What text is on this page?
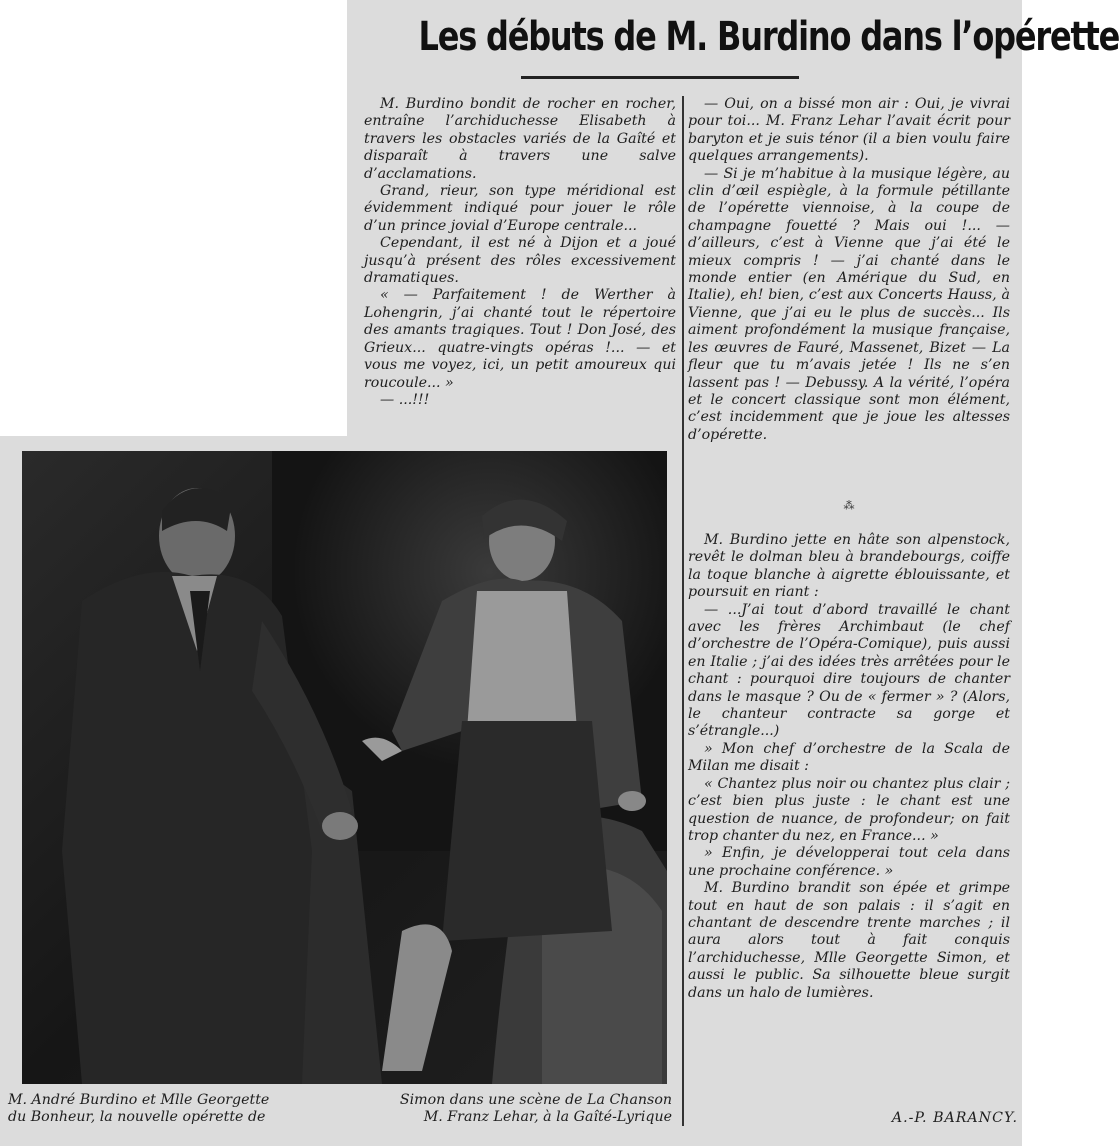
Les débuts de M. Burdino dans l’opérette

M. Burdino bondit de rocher en rocher, entraîne l’archiduchesse Elisabeth à travers les obstacles variés de la Gaîté et disparaît à travers une salve d’acclamations.

Grand, rieur, son type méridional est évidemment indiqué pour jouer le rôle d’un prince jovial d’Europe centrale...

Cependant, il est né à Dijon et a joué jusqu’à présent des rôles excessivement dramatiques.

« — Parfaitement ! de Werther à Lohengrin, j’ai chanté tout le répertoire des amants tragiques. Tout ! Don José, des Grieux... quatre-vingts opéras !... — et vous me voyez, ici, un petit amoureux qui roucoule... »

— ...!!!

— Oui, on a bissé mon air : Oui, je vivrai pour toi... M. Franz Lehar l’avait écrit pour baryton et je suis ténor (il a bien voulu faire quelques arrangements).

— Si je m’habitue à la musique légère, au clin d’œil espiègle, à la formule pétillante de l’opérette viennoise, à la coupe de champagne fouetté ? Mais oui !... — d’ailleurs, c’est à Vienne que j’ai été le mieux compris ! — j’ai chanté dans le monde entier (en Amérique du Sud, en Italie), eh! bien, c’est aux Concerts Hauss, à Vienne, que j’ai eu le plus de succès... Ils aiment profondément la musique française, les œuvres de Fauré, Massenet, Bizet — La fleur que tu m’avais jetée ! Ils ne s’en lassent pas ! — Debussy. A la vérité, l’opéra et le concert classique sont mon élément, c’est incidemment que je joue les altesses d’opérette.

⁂

M. Burdino jette en hâte son alpenstock, revêt le dolman bleu à brandebourgs, coiffe la toque blanche à aigrette éblouissante, et poursuit en riant :

— ...J’ai tout d’abord travaillé le chant avec les frères Archimbaut (le chef d’orchestre de l’Opéra-Comique), puis aussi en Italie ; j’ai des idées très arrêtées pour le chant : pourquoi dire toujours de chanter dans le masque ? Ou de « fermer » ? (Alors, le chanteur contracte sa gorge et s’étrangle...)

» Mon chef d’orchestre de la Scala de Milan me disait :

« Chantez plus noir ou chantez plus clair ; c’est bien plus juste : le chant est une question de nuance, de profondeur; on fait trop chanter du nez, en France... »

» Enfin, je développerai tout cela dans une prochaine conférence. »

M. Burdino brandit son épée et grimpe tout en haut de son palais : il s’agit en chantant de descendre trente marches ; il aura alors tout à fait conquis l’archiduchesse, Mlle Georgette Simon, et aussi le public. Sa silhouette bleue surgit dans un halo de lumières.

A.-P. BARANCY.
M. André Burdino et Mlle Georgette	Simon dans une scène de La Chanson
du Bonheur, la nouvelle opérette de	M. Franz Lehar, à la Gaîté-Lyrique
